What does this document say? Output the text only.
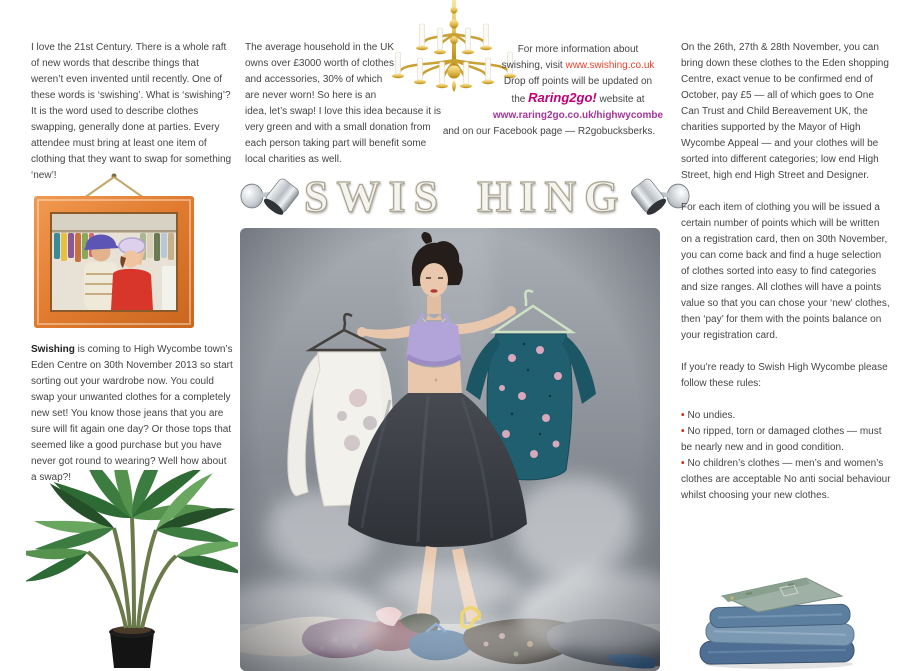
I love the 21st Century. There is a whole raft of new words that describe things that weren’t even invented until recently. One of these words is ‘swishing’. What is ‘swishing’? It is the word used to describe clothes swapping, generally done at parties. Every attendee must bring at least one item of clothing that they want to swap for something ‘new’!

Swishing is coming to High Wycombe town’s Eden Centre on 30th November 2013 so start sorting out your wardrobe now. You could swap your unwanted clothes for a completely new set! You know those jeans that you are sure will fit again one day? Or those tops that seemed like a good purchase but you have never got round to wearing? Well how about a swap?!

The average household in the UK owns over £3000 worth of clothes and accessories, 30% of which are never worn! So here is an idea, let’s swap! I love this idea because it is very green and with a small donation from each person taking part will benefit some local charities as well.

For more information about
swishing, visit www.swishing.co.uk
Drop off points will be updated on
the Raring2go! website at
www.raring2go.co.uk/highwycombe
and on our Facebook page — R2gobucksberks.
SWIS HING

On the 26th, 27th & 28th November, you can bring down these clothes to the Eden shopping Centre, exact venue to be confirmed end of October, pay £5 — all of which goes to One Can Trust and Child Bereavement UK, the charities supported by the Mayor of High Wycombe Appeal — and your clothes will be sorted into different categories; low end High Street, high end High Street and Designer.

For each item of clothing you will be issued a certain number of points which will be written on a registration card, then on 30th November, you can come back and find a huge selection of clothes sorted into easy to find categories and size ranges. All clothes will have a points value so that you can chose your ‘new’ clothes, then ‘pay’ for them with the points balance on your registration card.

If you’re ready to Swish High Wycombe please follow these rules:

• No undies.
• No ripped, torn or damaged clothes — must be nearly new and in good condition.
• No children’s clothes — men’s and women’s clothes are acceptable No anti social behaviour whilst choosing your new clothes.
